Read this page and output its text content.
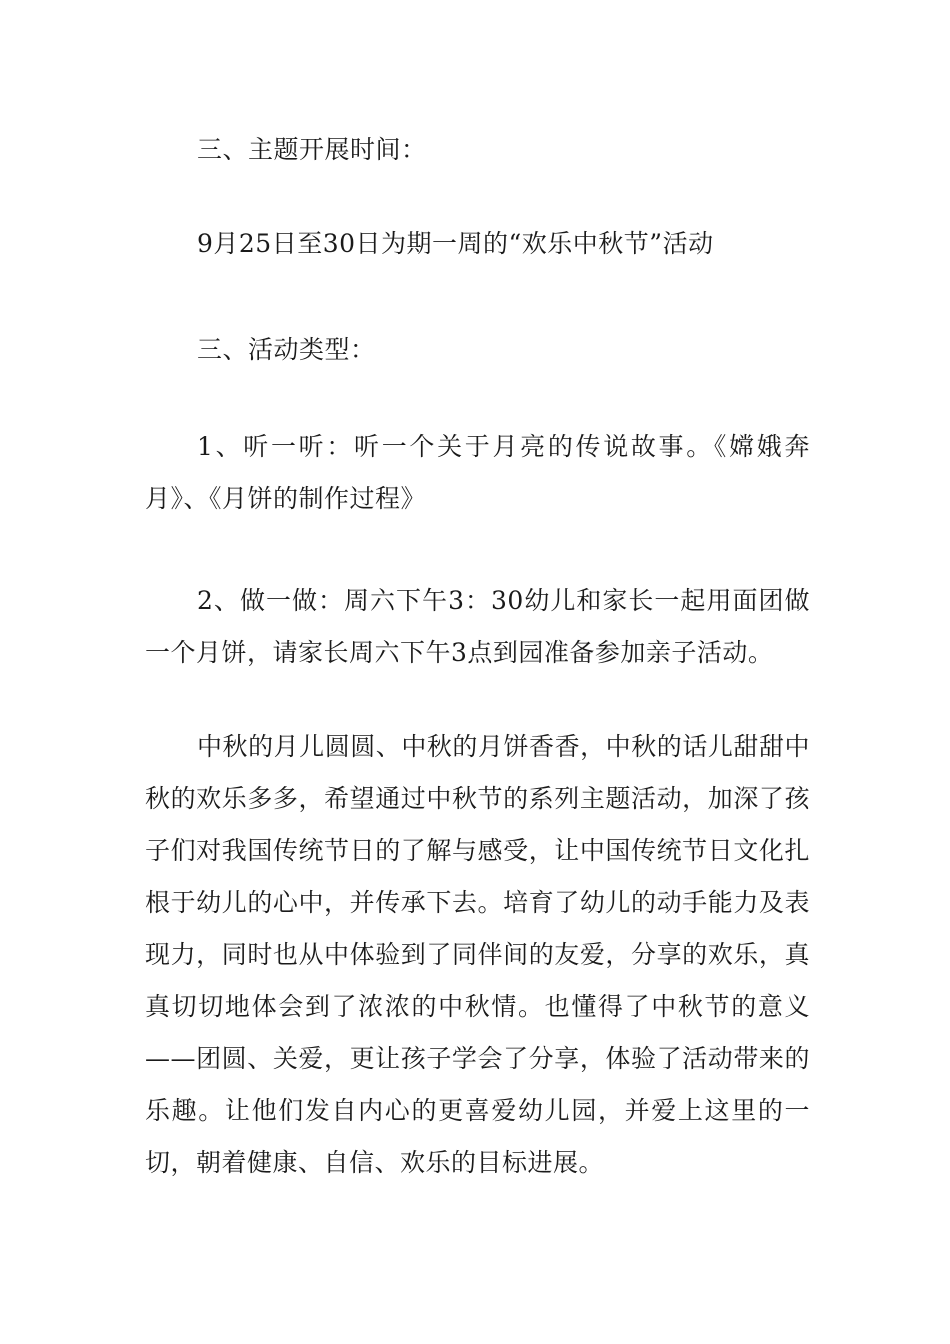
三、主题开展时间：

9月25日至30日为期一周的“欢乐中秋节”活动

三、活动类型：

1、听一听：听一个关于月亮的传说故事。《嫦娥奔月》、《月饼的制作过程》

2、做一做：周六下午3：30幼儿和家长一起用面团做一个月饼，请家长周六下午3点到园准备参加亲子活动。

中秋的月儿圆圆、中秋的月饼香香，中秋的话儿甜甜中秋的欢乐多多，希望通过中秋节的系列主题活动，加深了孩子们对我国传统节日的了解与感受，让中国传统节日文化扎根于幼儿的心中，并传承下去。培育了幼儿的动手能力及表现力，同时也从中体验到了同伴间的友爱，分享的欢乐，真真切切地体会到了浓浓的中秋情。也懂得了中秋节的意义——团圆、关爱，更让孩子学会了分享，体验了活动带来的乐趣。让他们发自内心的更喜爱幼儿园，并爱上这里的一切，朝着健康、自信、欢乐的目标进展。
